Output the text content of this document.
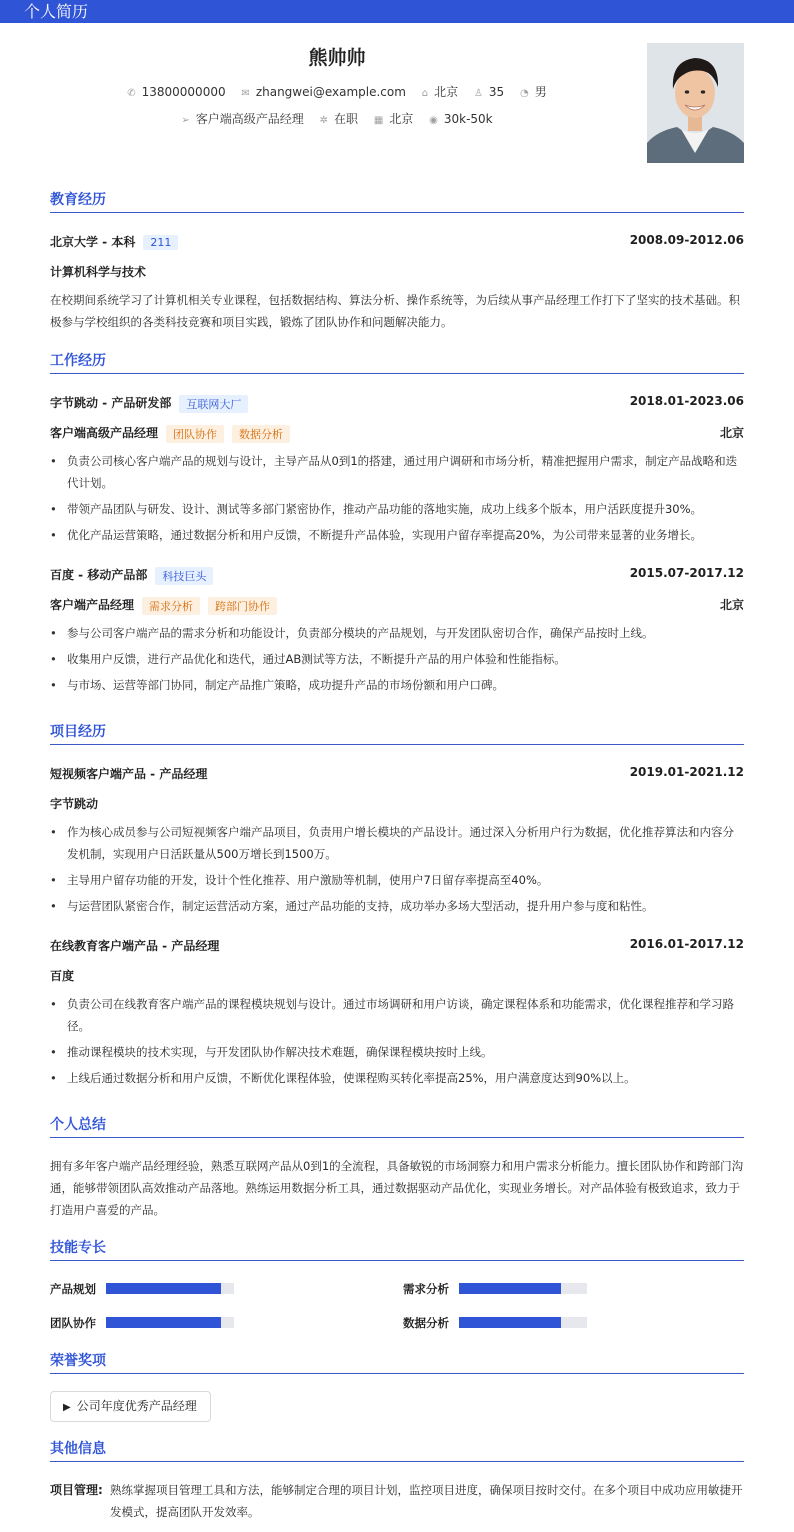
个人简历
熊帅帅
✆ 13800000000 ✉ zhangwei@example.com ⌂ 北京 ♙ 35 ◔ 男
➢ 客户端高级产品经理 ✲ 在职 ▦ 北京 ◉ 30k-50k
教育经历
北京大学 - 本科 211	2008.09-2012.06
计算机科学与技术
在校期间系统学习了计算机相关专业课程，包括数据结构、算法分析、操作系统等，为后续从事产品经理工作打下了坚实的技术基础。积极参与学校组织的各类科技竞赛和项目实践，锻炼了团队协作和问题解决能力。
工作经历
字节跳动 - 产品研发部 互联网大厂	2018.01-2023.06
客户端高级产品经理 团队协作 数据分析	北京
• 负责公司核心客户端产品的规划与设计，主导产品从0到1的搭建，通过用户调研和市场分析，精准把握用户需求，制定产品战略和迭代计划。
• 带领产品团队与研发、设计、测试等多部门紧密协作，推动产品功能的落地实施，成功上线多个版本，用户活跃度提升30%。
• 优化产品运营策略，通过数据分析和用户反馈，不断提升产品体验，实现用户留存率提高20%，为公司带来显著的业务增长。
百度 - 移动产品部 科技巨头	2015.07-2017.12
客户端产品经理 需求分析 跨部门协作	北京
• 参与公司客户端产品的需求分析和功能设计，负责部分模块的产品规划，与开发团队密切合作，确保产品按时上线。
• 收集用户反馈，进行产品优化和迭代，通过AB测试等方法，不断提升产品的用户体验和性能指标。
• 与市场、运营等部门协同，制定产品推广策略，成功提升产品的市场份额和用户口碑。
项目经历
短视频客户端产品 - 产品经理	2019.01-2021.12
字节跳动
• 作为核心成员参与公司短视频客户端产品项目，负责用户增长模块的产品设计。通过深入分析用户行为数据，优化推荐算法和内容分发机制，实现用户日活跃量从500万增长到1500万。
• 主导用户留存功能的开发，设计个性化推荐、用户激励等机制，使用户7日留存率提高至40%。
• 与运营团队紧密合作，制定运营活动方案，通过产品功能的支持，成功举办多场大型活动，提升用户参与度和粘性。
在线教育客户端产品 - 产品经理	2016.01-2017.12
百度
• 负责公司在线教育客户端产品的课程模块规划与设计。通过市场调研和用户访谈，确定课程体系和功能需求，优化课程推荐和学习路径。
• 推动课程模块的技术实现，与开发团队协作解决技术难题，确保课程模块按时上线。
• 上线后通过数据分析和用户反馈，不断优化课程体验，使课程购买转化率提高25%，用户满意度达到90%以上。
个人总结
拥有多年客户端产品经理经验，熟悉互联网产品从0到1的全流程，具备敏锐的市场洞察力和用户需求分析能力。擅长团队协作和跨部门沟通，能够带领团队高效推动产品落地。熟练运用数据分析工具，通过数据驱动产品优化，实现业务增长。对产品体验有极致追求，致力于打造用户喜爱的产品。
技能专长
产品规划	需求分析
团队协作	数据分析
荣誉奖项
▶ 公司年度优秀产品经理
其他信息
项目管理: 熟练掌握项目管理工具和方法，能够制定合理的项目计划，监控项目进度，确保项目按时交付。在多个项目中成功应用敏捷开发模式，提高团队开发效率。
